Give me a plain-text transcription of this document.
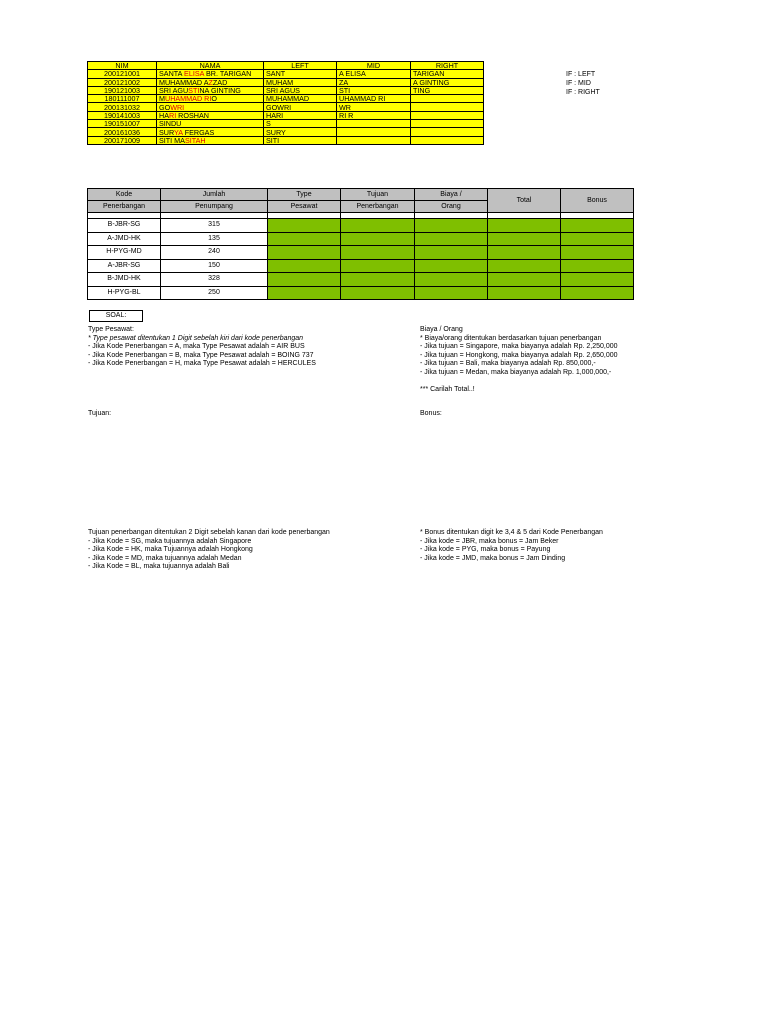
NIM	NAMA	LEFT	MID	RIGHT
200121001	SANTA ELISA BR. TARIGAN	SANT	A ELISA	TARIGAN
200121002	MUHAMMAD AZZAD	MUHAM	ZA	A GINTING
190121003	SRI AGUSTINA GINTING	SRI AGUS	STI	TING
180111007	MUHAMMAD RIO	MUHAMMAD	UHAMMAD RI	
200131032	GOWRI	GOWRI	WR	
190141003	HARI ROSHAN	HARI	RI R	
190151007	SINDU	S		
200161036	SURYA FERGAS	SURY		
200171009	SITI MASITAH	SITI		
IF : LEFT
IF : MID
IF : RIGHT
Kode	Jumlah	Type	Tujuan	Biaya /	Total	Bonus
Penerbangan	Penumpang	Pesawat	Penerbangan	Orang		

B-JBR-SG	315					
A-JMD-HK	135					
H-PYG-MD	240					
A-JBR-SG	150					
B-JMD-HK	328					
H-PYG-BL	250					
SOAL:
Type Pesawat:
* Type pesawat ditentukan 1 Digit sebelah kiri dari kode penerbangan
- Jika Kode Penerbangan = A, maka Type Pesawat adalah = AIR BUS
- Jika Kode Penerbangan = B, maka Type Pesawat adalah = BOING 737
- Jika Kode Penerbangan = H, maka Type Pesawat adalah = HERCULES
Biaya / Orang
* Biaya/orang ditentukan berdasarkan tujuan penerbangan
- Jika tujuan = Singapore, maka biayanya adalah Rp. 2,250,000
- Jika tujuan = Hongkong, maka biayanya adalah Rp. 2,650,000
- Jika tujuan = Bali, maka biayanya adalah Rp. 850,000,-
- Jika tujuan = Medan, maka biayanya adalah Rp. 1,000,000,-
*** Carilah Total..!
Tujuan:	Bonus:
Tujuan penerbangan ditentukan 2 Digit sebelah kanan dari kode penerbangan
- Jika Kode = SG, maka tujuannya adalah Singapore
- Jika Kode = HK, maka Tujuannya adalah Hongkong
- Jika Kode = MD, maka tujuannya adalah Medan
- Jika Kode = BL, maka tujuannya adalah Bali
* Bonus ditentukan digit ke 3,4 & 5 dari Kode Penerbangan
- Jika kode = JBR, maka bonus = Jam Beker
- Jika kode = PYG, maka bonus = Payung
- Jika kode = JMD, maka bonus = Jam Dinding
